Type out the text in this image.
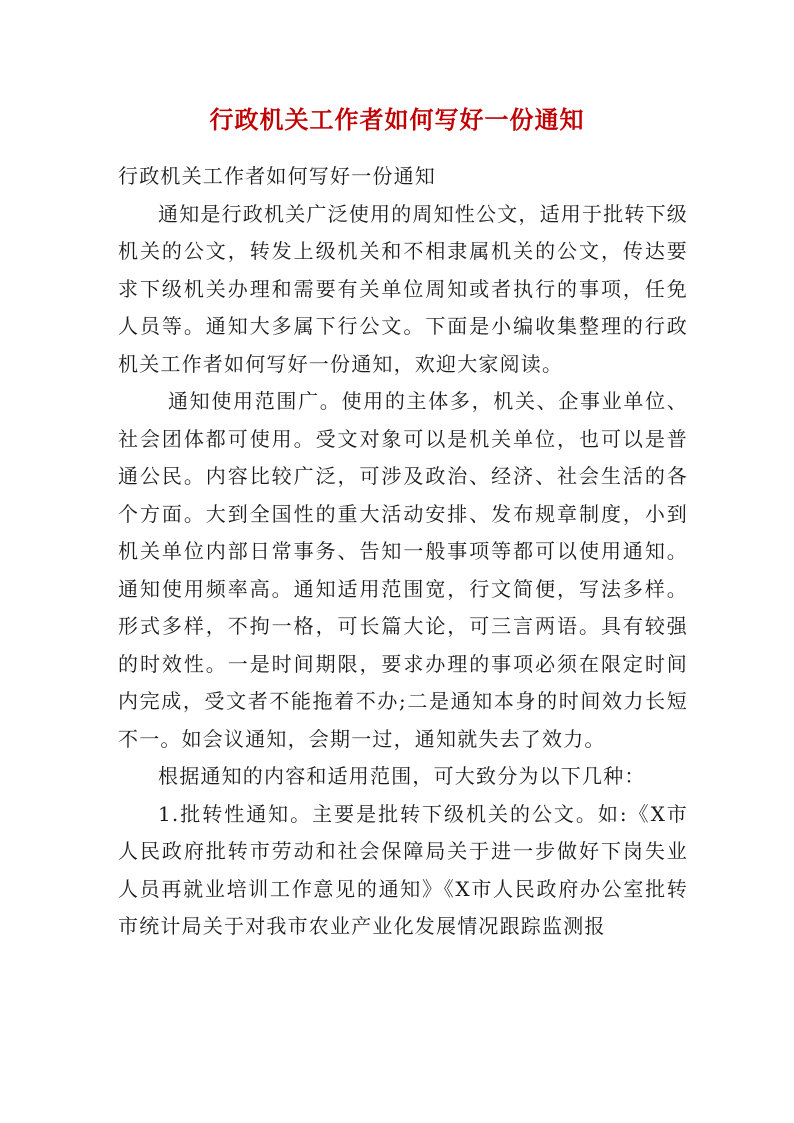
行政机关工作者如何写好一份通知

行政机关工作者如何写好一份通知

通知是行政机关广泛使用的周知性公文，适用于批转下级机关的公文，转发上级机关和不相隶属机关的公文，传达要求下级机关办理和需要有关单位周知或者执行的事项，任免人员等。通知大多属下行公文。下面是小编收集整理的行政机关工作者如何写好一份通知，欢迎大家阅读。

通知使用范围广。使用的主体多，机关、企事业单位、社会团体都可使用。受文对象可以是机关单位，也可以是普通公民。内容比较广泛，可涉及政治、经济、社会生活的各个方面。大到全国性的重大活动安排、发布规章制度，小到机关单位内部日常事务、告知一般事项等都可以使用通知。通知使用频率高。通知适用范围宽，行文简便，写法多样。形式多样，不拘一格，可长篇大论，可三言两语。具有较强的时效性。一是时间期限，要求办理的事项必须在限定时间内完成，受文者不能拖着不办;二是通知本身的时间效力长短不一。如会议通知，会期一过，通知就失去了效力。

根据通知的内容和适用范围，可大致分为以下几种：

1.批转性通知。主要是批转下级机关的公文。如:《X市人民政府批转市劳动和社会保障局关于进一步做好下岗失业人员再就业培训工作意见的通知》《X市人民政府办公室批转市统计局关于对我市农业产业化发展情况跟踪监测报
